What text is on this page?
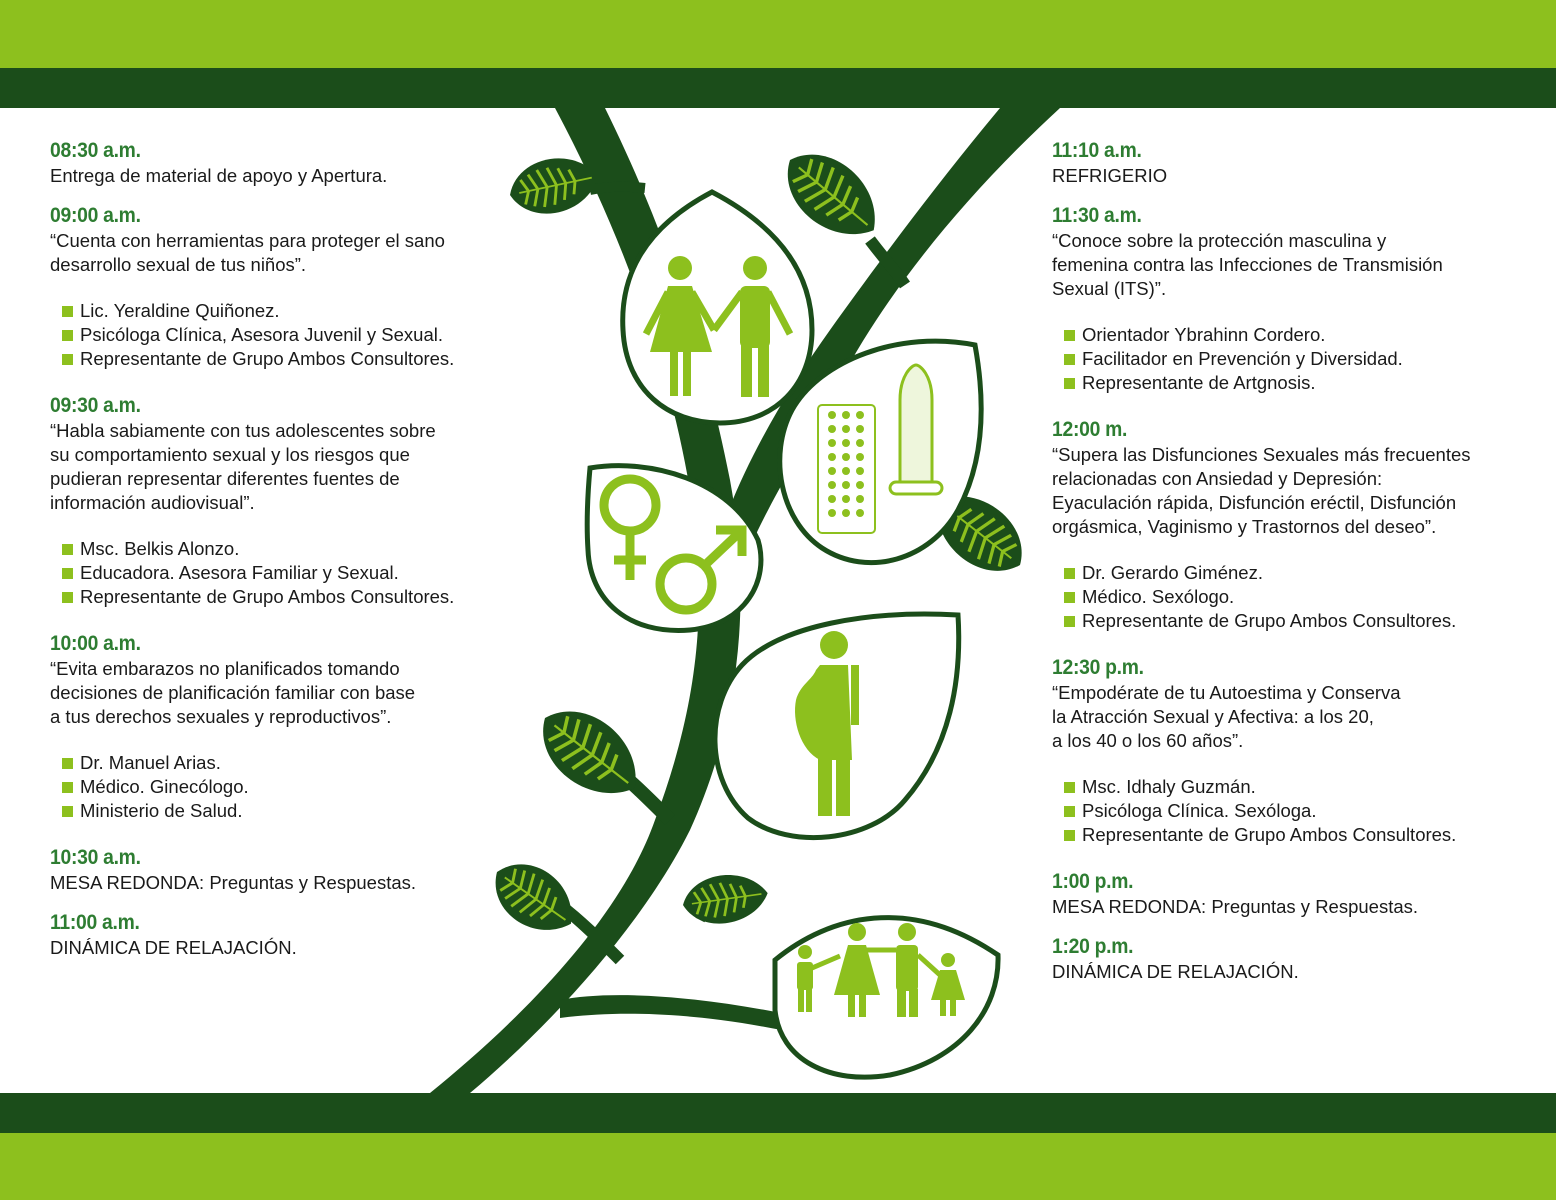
08:30 a.m.
Entrega de material de apoyo y Apertura.
09:00 a.m.
“Cuenta con herramientas para proteger el sano
desarrollo sexual de tus niños”.
Lic. Yeraldine Quiñonez.
Psicóloga Clínica, Asesora Juvenil y Sexual.
Representante de Grupo Ambos Consultores.
09:30 a.m.
“Habla sabiamente con tus adolescentes sobre
su comportamiento sexual y los riesgos que
pudieran representar diferentes fuentes de
información audiovisual”.
Msc. Belkis Alonzo.
Educadora. Asesora Familiar y Sexual.
Representante de Grupo Ambos Consultores.
10:00 a.m.
“Evita embarazos no planificados tomando
decisiones de planificación familiar con base
a tus derechos sexuales y reproductivos”.
Dr. Manuel Arias.
Médico. Ginecólogo.
Ministerio de Salud.
10:30 a.m.
MESA REDONDA: Preguntas y Respuestas.
11:00 a.m.
DINÁMICA DE RELAJACIÓN.
11:10 a.m.
REFRIGERIO
11:30 a.m.
“Conoce sobre la protección masculina y
femenina contra las Infecciones de Transmisión
Sexual (ITS)”.
Orientador Ybrahinn Cordero.
Facilitador en Prevención y Diversidad.
Representante de Artgnosis.
12:00 m.
“Supera las Disfunciones Sexuales más frecuentes
relacionadas con Ansiedad y Depresión:
Eyaculación rápida, Disfunción eréctil, Disfunción
orgásmica, Vaginismo y Trastornos del deseo”.
Dr. Gerardo Giménez.
Médico. Sexólogo.
Representante de Grupo Ambos Consultores.
12:30 p.m.
“Empodérate de tu Autoestima y Conserva
la Atracción Sexual y Afectiva: a los 20,
a los 40 o los 60 años”.
Msc. Idhaly Guzmán.
Psicóloga Clínica. Sexóloga.
Representante de Grupo Ambos Consultores.
1:00 p.m.
MESA REDONDA: Preguntas y Respuestas.
1:20 p.m.
DINÁMICA DE RELAJACIÓN.
